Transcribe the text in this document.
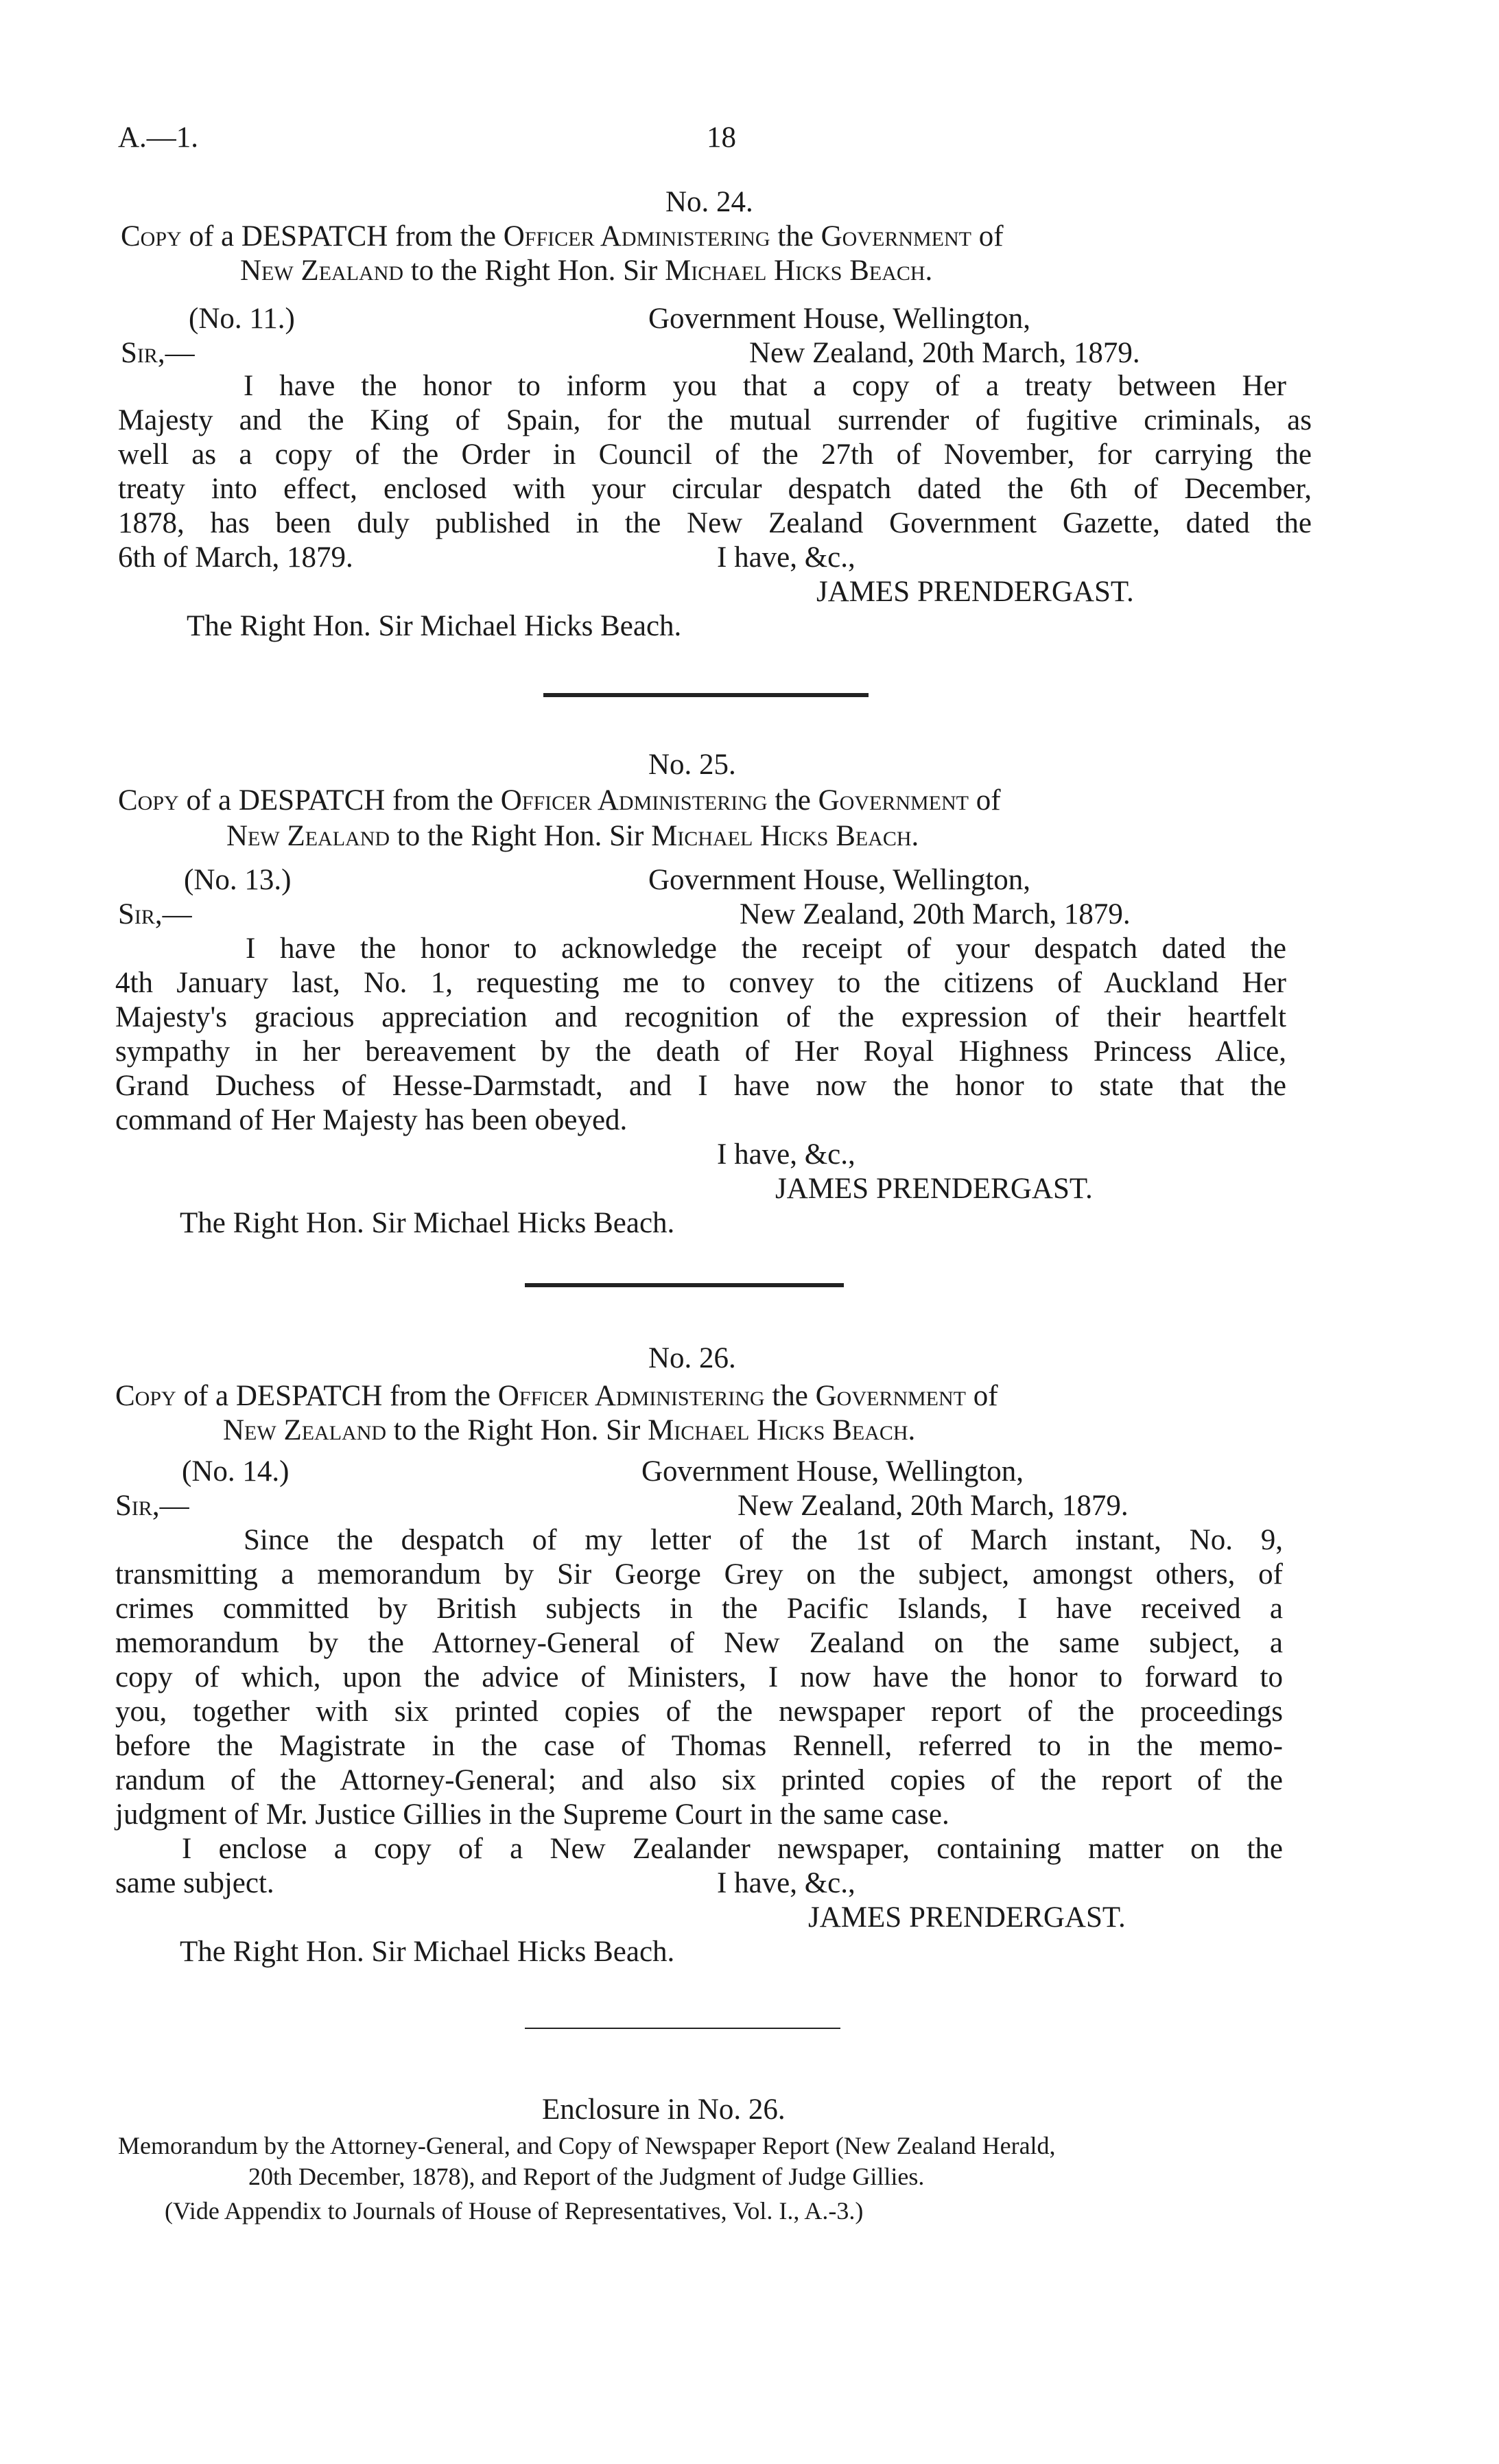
A.—1.	18
No. 24.
Copy of a DESPATCH from the Officer Administering the Government of
New Zealand to the Right Hon. Sir Michael Hicks Beach.
(No. 11.)	Government House, Wellington,
Sir,—	New Zealand, 20th March, 1879.
I have the honor to inform you that a copy of a treaty between Her
Majesty and the King of Spain, for the mutual surrender of fugitive criminals, as
well as a copy of the Order in Council of the 27th of November, for carrying the
treaty into effect, enclosed with your circular despatch dated the 6th of December,
1878, has been duly published in the New Zealand Government Gazette, dated the
6th of March, 1879.	I have, &c.,
JAMES PRENDERGAST.
The Right Hon. Sir Michael Hicks Beach.
No. 25.
Copy of a DESPATCH from the Officer Administering the Government of
New Zealand to the Right Hon. Sir Michael Hicks Beach.
(No. 13.)	Government House, Wellington,
Sir,—	New Zealand, 20th March, 1879.
I have the honor to acknowledge the receipt of your despatch dated the
4th January last, No. 1, requesting me to convey to the citizens of Auckland Her
Majesty's gracious appreciation and recognition of the expression of their heartfelt
sympathy in her bereavement by the death of Her Royal Highness Princess Alice,
Grand Duchess of Hesse-Darmstadt, and I have now the honor to state that the
command of Her Majesty has been obeyed.
I have, &c.,
JAMES PRENDERGAST.
The Right Hon. Sir Michael Hicks Beach.
No. 26.
Copy of a DESPATCH from the Officer Administering the Government of
New Zealand to the Right Hon. Sir Michael Hicks Beach.
(No. 14.)	Government House, Wellington,
Sir,—	New Zealand, 20th March, 1879.
Since the despatch of my letter of the 1st of March instant, No. 9,
transmitting a memorandum by Sir George Grey on the subject, amongst others, of
crimes committed by British subjects in the Pacific Islands, I have received a
memorandum by the Attorney-General of New Zealand on the same subject, a
copy of which, upon the advice of Ministers, I now have the honor to forward to
you, together with six printed copies of the newspaper report of the proceedings
before the Magistrate in the case of Thomas Rennell, referred to in the memo-
randum of the Attorney-General; and also six printed copies of the report of the
judgment of Mr. Justice Gillies in the Supreme Court in the same case.
I enclose a copy of a New Zealander newspaper, containing matter on the
same subject.	I have, &c.,
JAMES PRENDERGAST.
The Right Hon. Sir Michael Hicks Beach.
Enclosure in No. 26.
Memorandum by the Attorney-General, and Copy of Newspaper Report (New Zealand Herald,
20th December, 1878), and Report of the Judgment of Judge Gillies.
(Vide Appendix to Journals of House of Representatives, Vol. I., A.-3.)
